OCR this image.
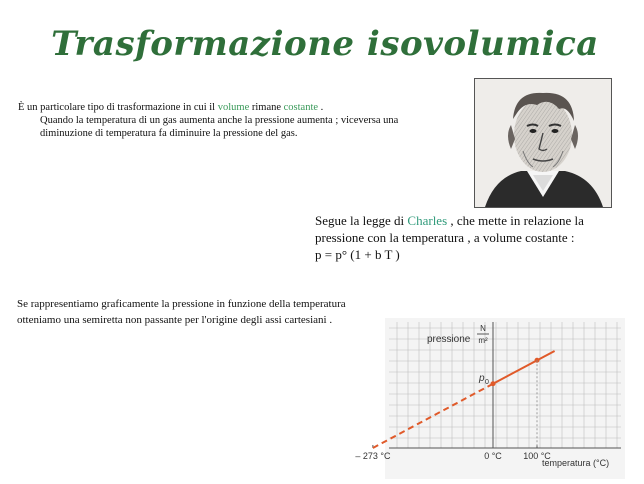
Trasformazione isovolumica
È un particolare tipo di trasformazione in cui il volume rimane costante .
Quando la temperatura di un gas aumenta anche la pressione aumenta ; viceversa una diminuzione di temperatura fa diminuire la pressione del gas.
Segue la legge di Charles , che mette in relazione la pressione con la temperatura , a volume costante :
p = p° (1 + b T )
Se rappresentiamo graficamente la pressione in funzione della temperatura otteniamo una semiretta non passante per l'origine degli assi cartesiani .
– 273 °C	0 °C 100 °C
pressione
N
m²
temperatura (°C)
p 0
